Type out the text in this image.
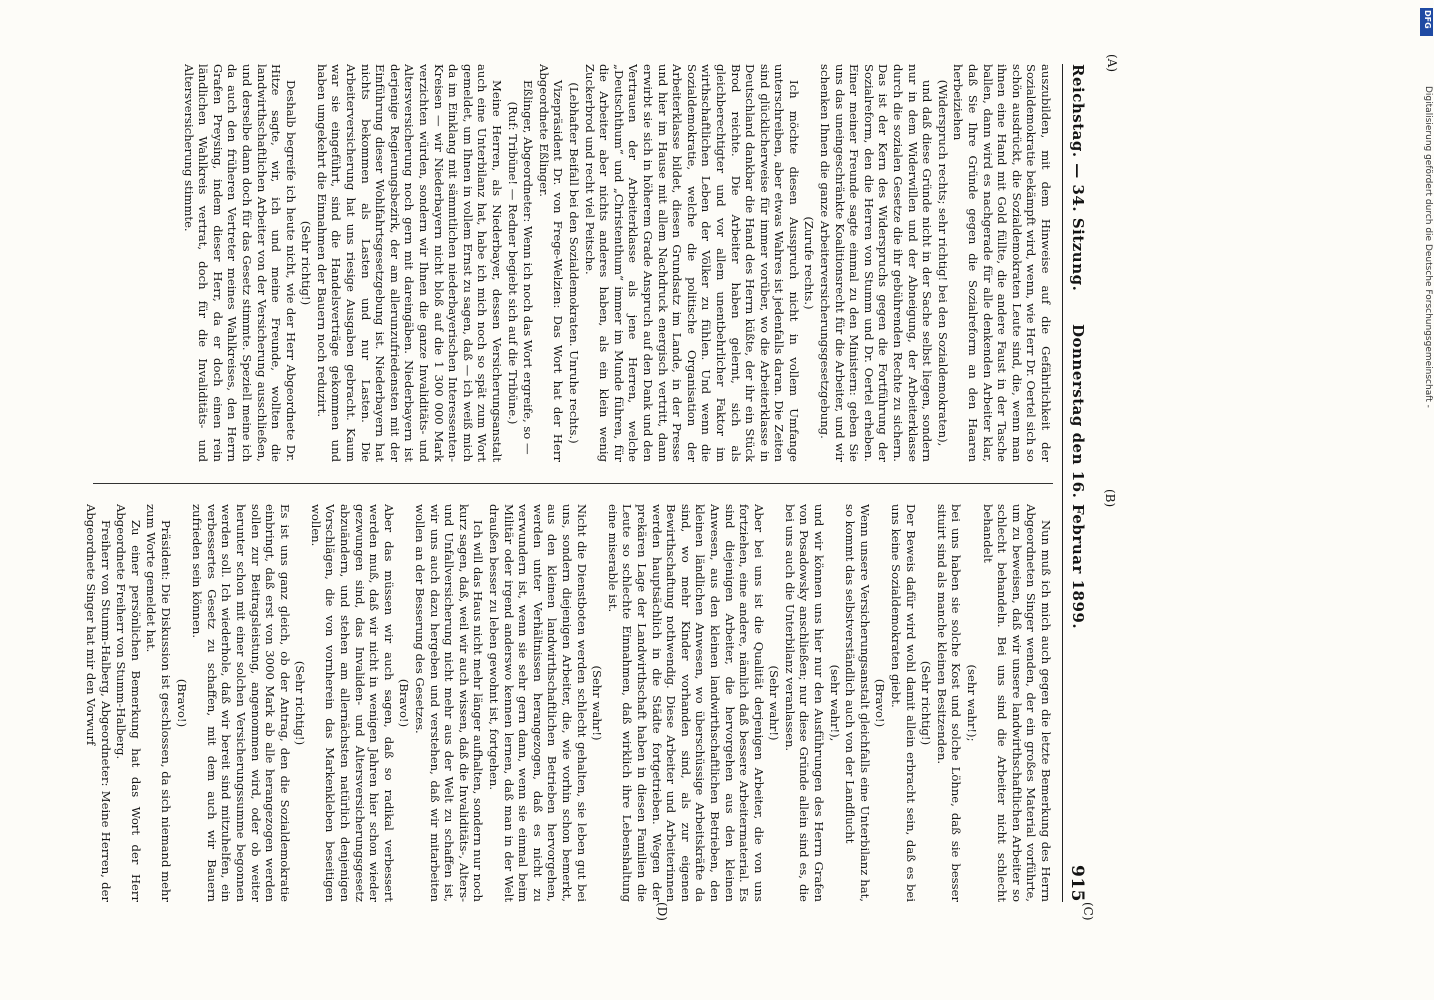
Reichstag. — 34. Sitzung.
Donnerstag den 16. Februar 1899.
915
(A)
(B)

auszubilden, mit dem Hinweise auf die Gefährlichkeit der Sozialdemokratie bekämpft wird, wenn, wie Herr Dr. Oertel sich so schön ausdrückt, die Sozialdemokraten Leute sind, die, wenn man ihnen eine Hand mit Gold füllte, die andere Faust in der Tasche ballen, dann wird es nachgerade für alle denkenden Arbeiter klar, daß Sie Ihre Gründe gegen die Sozialreform an den Haaren herbeiziehen

(Widerspruch rechts; sehr richtig! bei den Sozialdemokraten),

und daß diese Gründe nicht in der Sache selbst liegen, sondern nur in dem Widerwillen und der Abneigung, der Arbeiterklasse durch die sozialen Gesetze die ihr gebührenden Rechte zu sichern. Das ist der Kern des Widerspruchs gegen die Fortführung der Sozialreform, den die Herren von Stumm und Dr. Oertel erheben. Einer meiner Freunde sagte einmal zu den Ministern: geben Sie uns das uneingeschränkte Koalitionsrecht für die Arbeiter, und wir schenken Ihnen die ganze Arbeiterversicherungsgesetzgebung.

(Zurufe rechts.)

Ich möchte diesen Ausspruch nicht in vollem Umfange unterschreiben, aber etwas Wahres ist jedenfalls daran. Die Zeiten sind glücklicherweise für immer vorüber, wo die Arbeiterklasse in Deutschland dankbar die Hand des Herrn küßte, der ihr ein Stück Brod reichte. Die Arbeiter haben gelernt, sich als gleichberechtigter und vor allem unentbehrlicher Faktor im wirthschaftlichen Leben der Völker zu fühlen. Und wenn die Sozialdemokratie, welche die politische Organisation der Arbeiterklasse bildet, diesen Grundsatz im Lande, in der Presse und hier im Hause mit allem Nachdruck energisch vertritt, dann erwirbt sie sich in höherem Grade Anspruch auf den Dank und den Vertrauen der Arbeiterklasse als jene Herren, welche „Deutschthum“ und „Christenthum“ immer im Munde führen, für die Arbeiter aber nichts anderes haben, als ein klein wenig Zuckerbrod und recht viel Peitsche.

(Lebhafter Beifall bei den Sozialdemokraten. Unruhe rechts.)

Vizepräsident Dr. von Frege-Welzien: Das Wort hat der Herr Abgeordnete Eßlinger.

Eßlinger, Abgeordneter: Wenn ich noch das Wort ergreife, so —

(Ruf: Tribüne! — Redner begiebt sich auf die Tribüne.)

Meine Herren, als Niederbayer, dessen Versicherungsanstalt auch eine Unterbilanz hat, habe ich mich noch so spät zum Wort gemeldet, um Ihnen in vollem Ernst zu sagen, daß — ich weiß mich da im Einklang mit sämmtlichen niederbayerischen Interessenten-Kreisen — wir Niederbayern nicht bloß auf die 1 300 000 Mark verzichten würden, sondern wir Ihnen die ganze Invaliditäts- und Altersversicherung noch gern mit dareingäben. Niederbayern ist derjenige Regierungsbezirk, der am allerunzufriedensten mit der Einführung dieser Wohlfahrtsgesetzgebung ist. Niederbayern hat nichts bekommen als Lasten und nur Lasten. Die Arbeiterversicherung hat uns riesige Ausgaben gebracht. Kaum war sie eingeführt, sind die Handelsverträge gekommen und haben umgekehrt die Einnahmen der Bauern noch reduzirt.

(Sehr richtig!)

Deshalb begreife ich heute nicht, wie der Herr Abgeordnete Dr. Hitze sagte, wir, ich und meine Freunde, wollten die landwirthschaftlichen Arbeiter von der Versicherung ausschließen, und derselbe dann doch für das Gesetz stimmte. Speziell meine ich da auch den früheren Vertreter meines Wahlkreises, den Herrn Grafen Preysing, indem dieser Herr, da er doch einen rein ländlichen Wahlkreis vertrat, doch für die Invaliditäts- und Altersversicherung stimmte.

(C)
(D)

Nun muß ich mich auch gegen die letzte Bemerkung des Herrn Abgeordneten Singer wenden, der ein großes Material vorführte, um zu beweisen, daß wir unsere landwirthschaftlichen Arbeiter so schlecht behandeln. Bei uns sind die Arbeiter nicht schlecht behandelt

(sehr wahr!);

bei uns haben sie solche Kost und solche Löhne, daß sie besser situirt sind als manche kleinen Besitzenden.

(Sehr richtig!)

Der Beweis dafür wird wohl damit allein erbracht sein, daß es bei uns keine Sozialdemokraten giebt.

(Bravo!)

Wenn unsere Versicherungsanstalt gleichfalls eine Unterbilanz hat, so kommt das selbstverständlich auch von der Landflucht

(sehr wahr!),

und wir können uns hier nur den Ausführungen des Herrn Grafen von Posadowsky anschließen; nur diese Gründe allein sind es, die bei uns auch die Unterbilanz veranlassen.

(Sehr wahr!)

Aber bei uns ist die Qualität derjenigen Arbeiter, die von uns fortziehen, eine andere, nämlich daß bessere Arbeitermaterial. Es sind diejenigen Arbeiter, die hervorgehen aus den kleinen Anwesen, aus den kleinen landwirthschaftlichen Betrieben, den kleinen ländlichen Anwesen, wo überschüssige Arbeitskräfte da sind, wo mehr Kinder vorhanden sind, als zur eigenen Bewirthschaftung nothwendig. Diese Arbeiter und Arbeiterinnen werden hauptsächlich in die Städte fortgetrieben. Wegen der prekären Lage der Landwirthschaft haben in diesen Familien die Leute so schlechte Einnahmen, daß wirklich ihre Lebenshaltung eine miserable ist.

(Sehr wahr!)

Nicht die Dienstboten werden schlecht gehalten, sie leben gut bei uns, sondern diejenigen Arbeiter, die, wie vorhin schon bemerkt, aus den kleinen landwirthschaftlichen Betrieben hervorgehen, werden unter Verhältnissen herangezogen, daß es nicht zu verwundern ist, wenn sie sehr gern dann, wenn sie einmal beim Militär oder irgend anderswo kennen lernen, daß man in der Welt draußen besser zu leben gewohnt ist, fortgehen.

Ich will das Haus nicht mehr länger aufhalten, sondern nur noch kurz sagen, daß, weil wir auch wissen, daß die Invaliditäts-, Alters- und Unfallversicherung nicht mehr aus der Welt zu schaffen ist, wir uns auch dazu hergeben und verstehen, daß wir mitarbeiten wollen an der Besserung des Gesetzes.

(Bravo!)

Aber das müssen wir auch sagen, daß so radikal verbessert werden muß, daß wir nicht in wenigen Jahren hier schon wieder gezwungen sind, das Invaliden- und Altersversicherungsgesetz abzuändern, und stehen am allernächsten natürlich denjenigen Vorschlägen, die von vornherein das Markenkleben beseitigen wollen.

(Sehr richtig!)

Es ist uns ganz gleich, ob der Antrag, den die Sozialdemokratie einbringt, daß erst von 3000 Mark ab alle herangezogen werden sollen zur Beitragsleistung, angenommen wird, oder ob weiter herunter schon mit einer solchen Versicherungssumme begonnen werden soll. Ich wiederhole, daß wir bereit sind mitzuhelfen, ein verbessertes Gesetz zu schaffen, mit dem auch wir Bauern zufrieden sein können.

(Bravo!)

Präsident: Die Diskussion ist geschlossen, da sich niemand mehr zum Worte gemeldet hat.

Zu einer persönlichen Bemerkung hat das Wort der Herr Abgeordnete Freiherr von Stumm-Halberg.

Freiherr von Stumm-Halberg, Abgeordneter: Meine Herren, der Abgeordnete Singer hat mir den Vorwurf

Digitalisierung gefördert durch die Deutsche Forschungsgemeinschaft -
DFG
